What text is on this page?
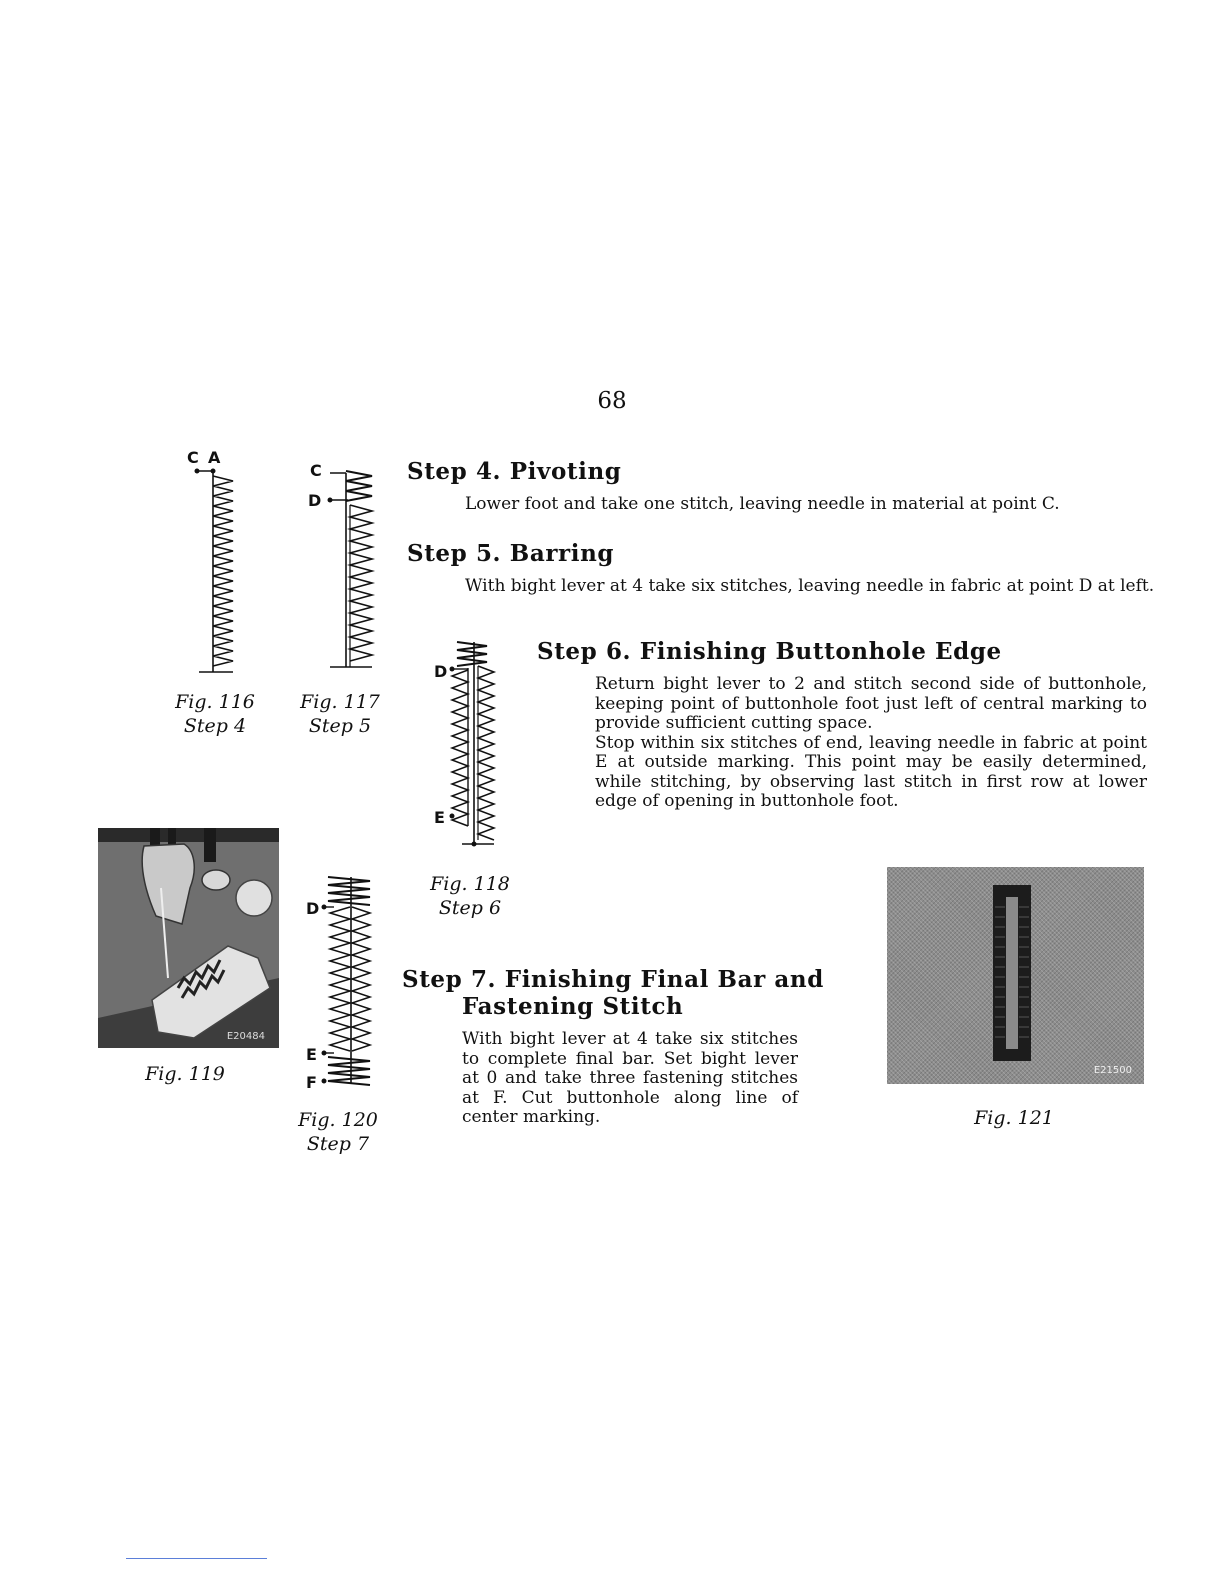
68
C A
Fig. 116
Step 4
C
D
Fig. 117
Step 5
Step 4. Pivoting

Lower foot and take one stitch, leaving needle in material at point C.

Step 5. Barring

With bight lever at 4 take six stitches, leaving needle in fabric at point D at left.

D
E
Fig. 118
Step 6
Step 6. Finishing Buttonhole Edge

Return bight lever to 2 and stitch second side of buttonhole, keeping point of buttonhole foot just left of central marking to provide sufficient cutting space.

Stop within six stitches of end, leaving needle in fabric at point E at outside marking. This point may be easily determined, while stitching, by observing last stitch in first row at lower edge of opening in buttonhole foot.

E20484
Fig. 119
D
E
F
Fig. 120
Step 7
Step 7. Finishing Final Bar and
Fastening Stitch

With bight lever at 4 take six stitches to complete final bar. Set bight lever at 0 and take three fastening stitches at F. Cut buttonhole along line of center marking.

E21500
Fig. 121
